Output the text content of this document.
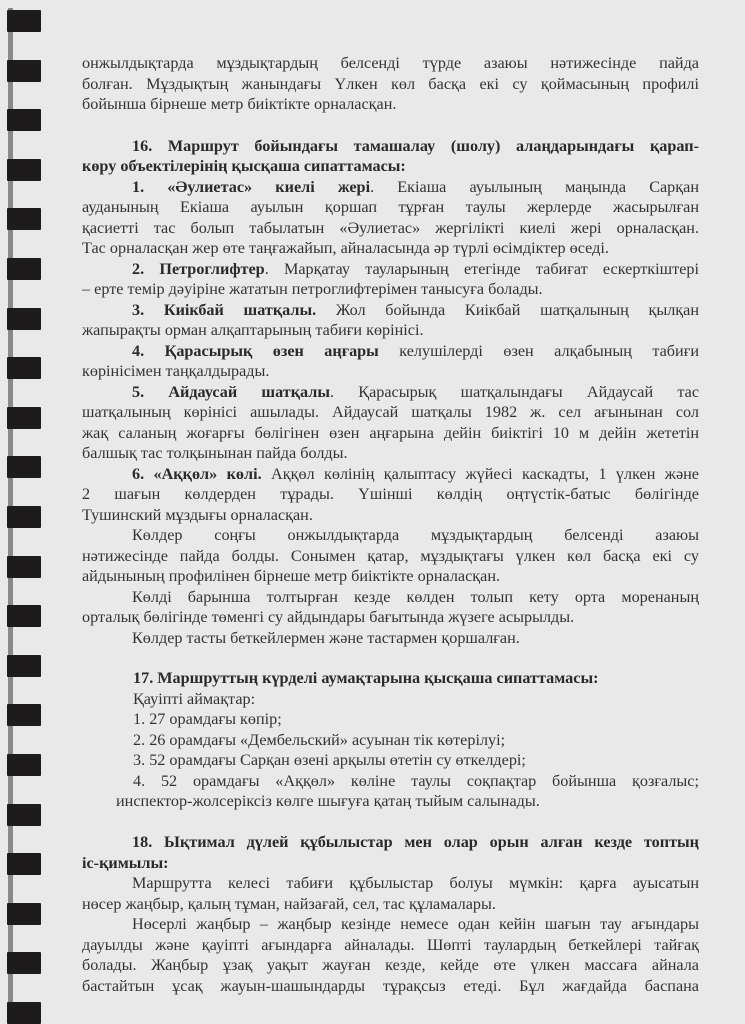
онжылдықтарда мұздықтардың белсенді түрде азаюы нәтижесінде пайда
болған. Мұздықтың жанындағы Үлкен көл басқа екі су қоймасының профилі
бойынша бірнеше метр биіктікте орналасқан.
16. Маршрут бойындағы тамашалау (шолу) алаңдарындағы қарап-
көру объектілерінің қысқаша сипаттамасы:
1. «Әулиетас» киелі жері. Екіаша ауылының маңында Сарқан
ауданының Екіаша ауылын қоршап тұрған таулы жерлерде жасырылған
қасиетті тас болып табылатын «Әулиетас» жергілікті киелі жері орналасқан.
Тас орналасқан жер өте таңғажайып, айналасында әр түрлі өсімдіктер өседі.
2. Петроглифтер. Марқатау тауларының етегінде табиғат ескерткіштері
– ерте темір дәуіріне жататын петроглифтерімен танысуға болады.
3. Киікбай шатқалы. Жол бойында Киікбай шатқалының қылқан
жапырақты орман алқаптарының табиғи көрінісі.
4. Қарасырық өзен аңғары келушілерді өзен алқабының табиғи
көрінісімен таңқалдырады.
5. Айдаусай шатқалы. Қарасырық шатқалындағы Айдаусай тас
шатқалының көрінісі ашылады. Айдаусай шатқалы 1982 ж. сел ағынынан сол
жақ саланың жоғарғы бөлігінен өзен аңғарына дейін биіктігі 10 м дейін жететін
балшық тас толқынынан пайда болды.
6. «Аққөл» көлі. Аққөл көлінің қалыптасу жүйесі каскадты, 1 үлкен және
2 шағын көлдерден тұрады. Үшінші көлдің оңтүстік-батыс бөлігінде
Тушинский мұздығы орналасқан.
Көлдер соңғы онжылдықтарда мұздықтардың белсенді азаюы
нәтижесінде пайда болды. Сонымен қатар, мұздықтағы үлкен көл басқа екі су
айдынының профилінен бірнеше метр биіктікте орналасқан.
Көлді барынша толтырған кезде көлден толып кету орта моренаның
орталық бөлігінде төменгі су айдындары бағытында жүзеге асырылды.
Көлдер тасты беткейлермен және тастармен қоршалған.
17. Маршруттың күрделі аумақтарына қысқаша сипаттамасы:
Қауіпті аймақтар:
1. 27 орамдағы көпір;
2. 26 орамдағы «Дембельский» асуынан тік көтерілуі;
3. 52 орамдағы Сарқан өзені арқылы өтетін су өткелдері;
4. 52 орамдағы «Аққөл» көліне таулы соқпақтар бойынша қозғалыс;
инспектор-жолсеріксіз көлге шығуға қатаң тыйым салынады.
18. Ықтимал дүлей құбылыстар мен олар орын алған кезде топтың
іс-қимылы:
Маршрутта келесі табиғи құбылыстар болуы мүмкін: қарға ауысатын
нөсер жаңбыр, қалың тұман, найзағай, сел, тас құламалары.
Нөсерлі жаңбыр – жаңбыр кезінде немесе одан кейін шағын тау ағындары
дауылды және қауіпті ағындарға айналады. Шөпті таулардың беткейлері тайғақ
болады. Жаңбыр ұзақ уақыт жауған кезде, кейде өте үлкен массаға айнала
бастайтын ұсақ жауын-шашындарды тұрақсыз етеді. Бұл жағдайда баспана
